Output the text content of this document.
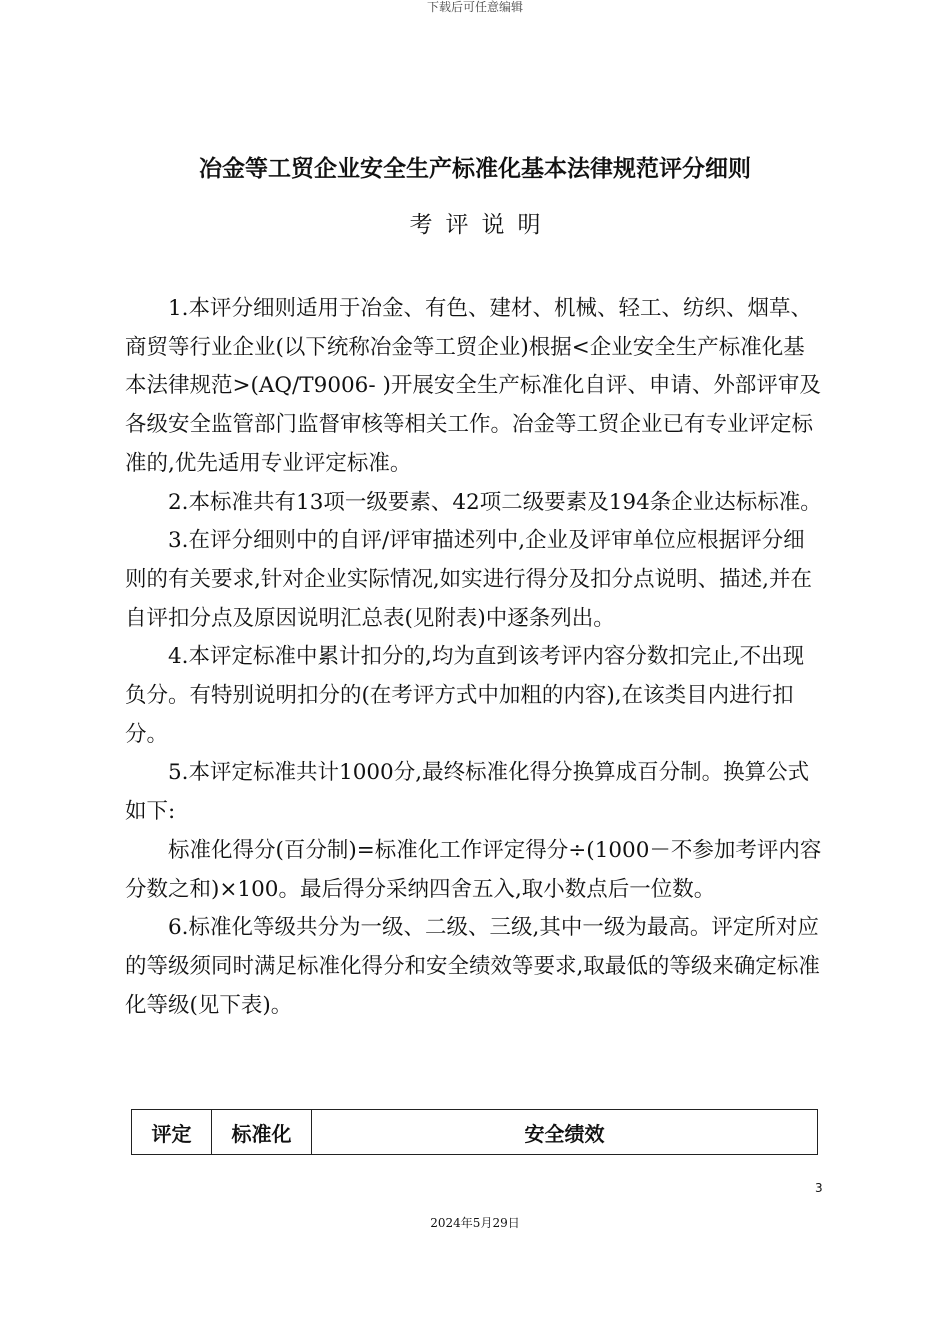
下载后可任意编辑
冶金等工贸企业安全生产标准化基本法律规范评分细则
考评说明

1.本评分细则适用于冶金、有色、建材、机械、轻工、纺织、烟草、商贸等行业企业(以下统称冶金等工贸企业)根据<企业安全生产标准化基本法律规范>(AQ/T9006- )开展安全生产标准化自评、申请、外部评审及各级安全监管部门监督审核等相关工作。冶金等工贸企业已有专业评定标准的,优先适用专业评定标准。

2.本标准共有13项一级要素、42项二级要素及194条企业达标标准。

3.在评分细则中的自评/评审描述列中,企业及评审单位应根据评分细则的有关要求,针对企业实际情况,如实进行得分及扣分点说明、描述,并在自评扣分点及原因说明汇总表(见附表)中逐条列出。

4.本评定标准中累计扣分的,均为直到该考评内容分数扣完止,不出现负分。有特别说明扣分的(在考评方式中加粗的内容),在该类目内进行扣分。

5.本评定标准共计1000分,最终标准化得分换算成百分制。换算公式如下:

标准化得分(百分制)=标准化工作评定得分÷(1000－不参加考评内容分数之和)×100。最后得分采纳四舍五入,取小数点后一位数。

6.标准化等级共分为一级、二级、三级,其中一级为最高。评定所对应的等级须同时满足标准化得分和安全绩效等要求,取最低的等级来确定标准化等级(见下表)。

评定	标准化	安全绩效
3
2024年5月29日
